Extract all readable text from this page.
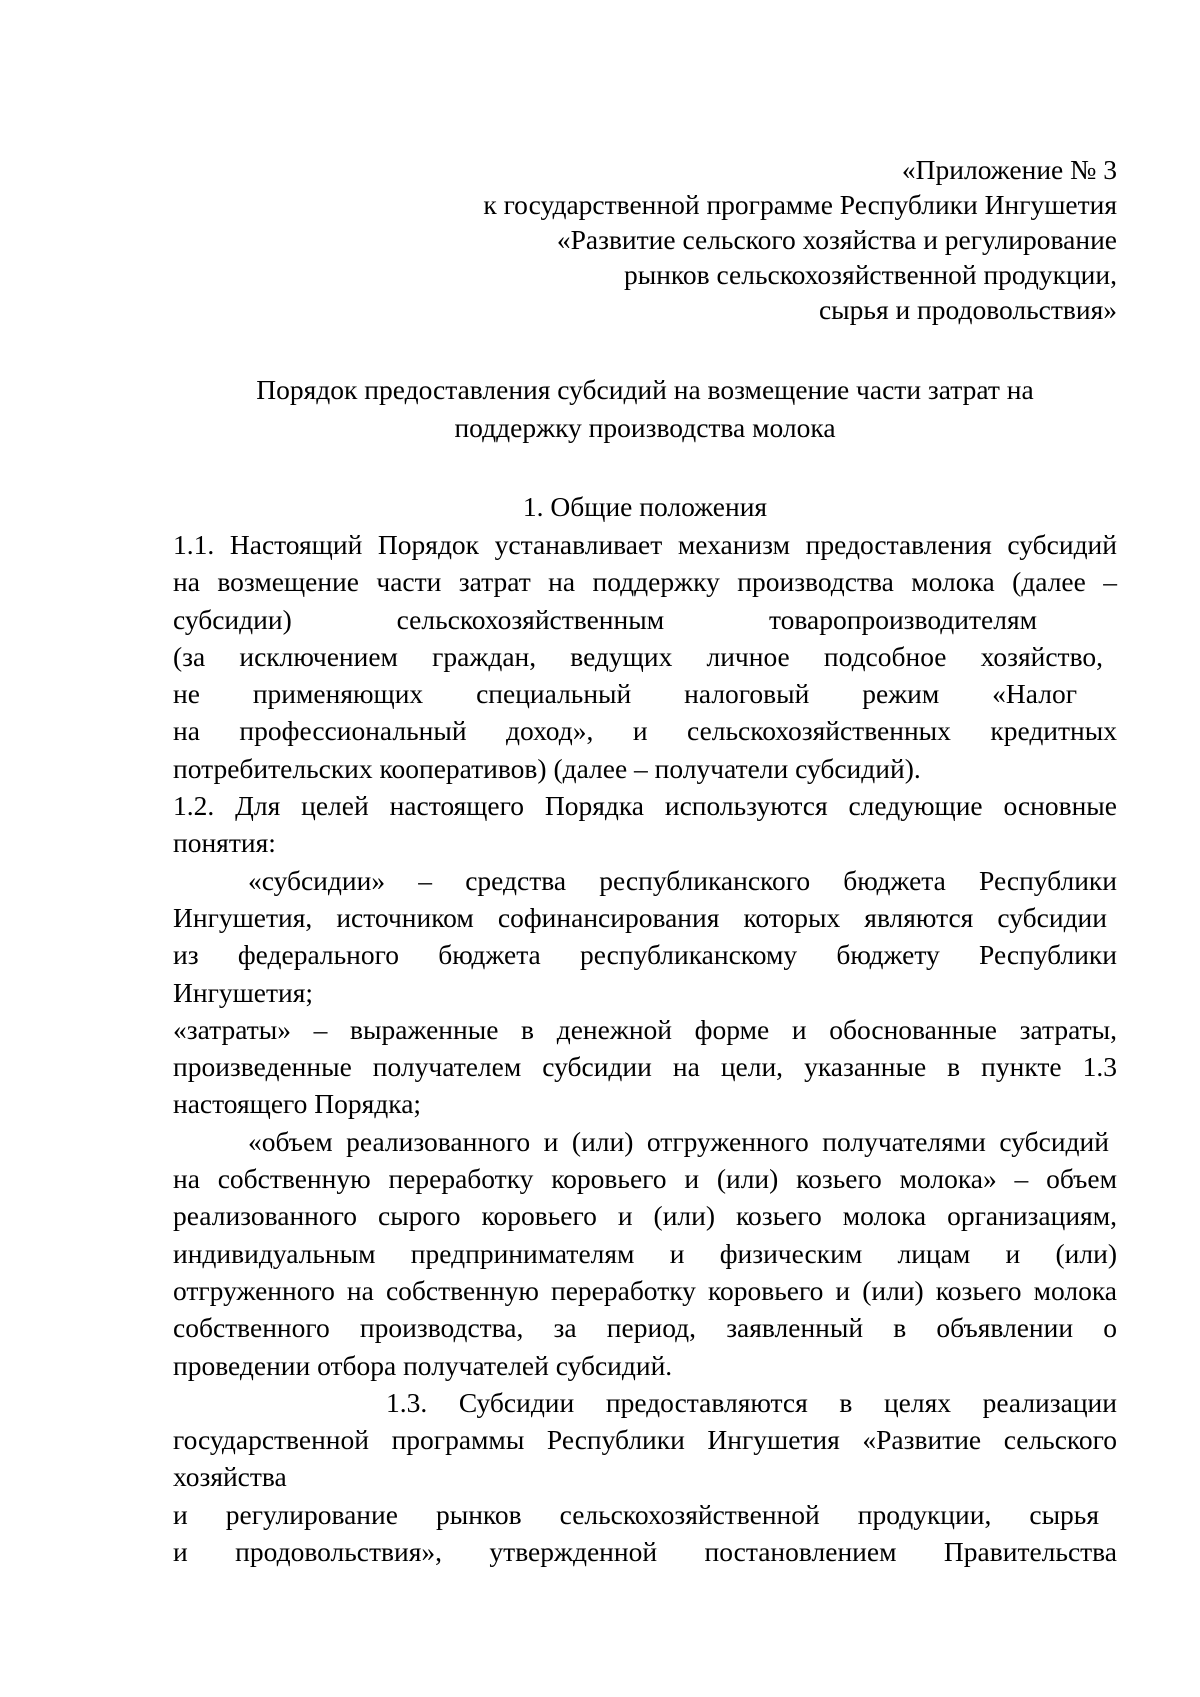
«Приложение № 3
к государственной программе Республики Ингушетия
«Развитие сельского хозяйства и регулирование
рынков сельскохозяйственной продукции,
сырья и продовольствия»
Порядок предоставления субсидий на возмещение части затрат на
поддержку производства молока
1. Общие положения
1.1. Настоящий Порядок устанавливает механизм предоставления субсидий
на возмещение части затрат на поддержку производства молока (далее –
субсидии) сельскохозяйственным товаропроизводителям
(за исключением граждан, ведущих личное подсобное хозяйство,
не применяющих специальный налоговый режим «Налог
на профессиональный доход», и сельскохозяйственных кредитных
потребительских кооперативов) (далее – получатели субсидий).
1.2. Для целей настоящего Порядка используются следующие основные
понятия:
«субсидии» – средства республиканского бюджета Республики
Ингушетия, источником софинансирования которых являются субсидии
из федерального бюджета республиканскому бюджету Республики
Ингушетия;
«затраты» – выраженные в денежной форме и обоснованные затраты,
произведенные получателем субсидии на цели, указанные в пункте 1.3
настоящего Порядка;
«объем реализованного и (или) отгруженного получателями субсидий
на собственную переработку коровьего и (или) козьего молока» – объем
реализованного сырого коровьего и (или) козьего молока организациям,
индивидуальным предпринимателям и физическим лицам и (или)
отгруженного на собственную переработку коровьего и (или) козьего молока
собственного производства, за период, заявленный в объявлении о
проведении отбора получателей субсидий.
1.3. Субсидии предоставляются в целях реализации
государственной программы Республики Ингушетия «Развитие сельского
хозяйства
и регулирование рынков сельскохозяйственной продукции, сырья
и продовольствия», утвержденной постановлением Правительства
